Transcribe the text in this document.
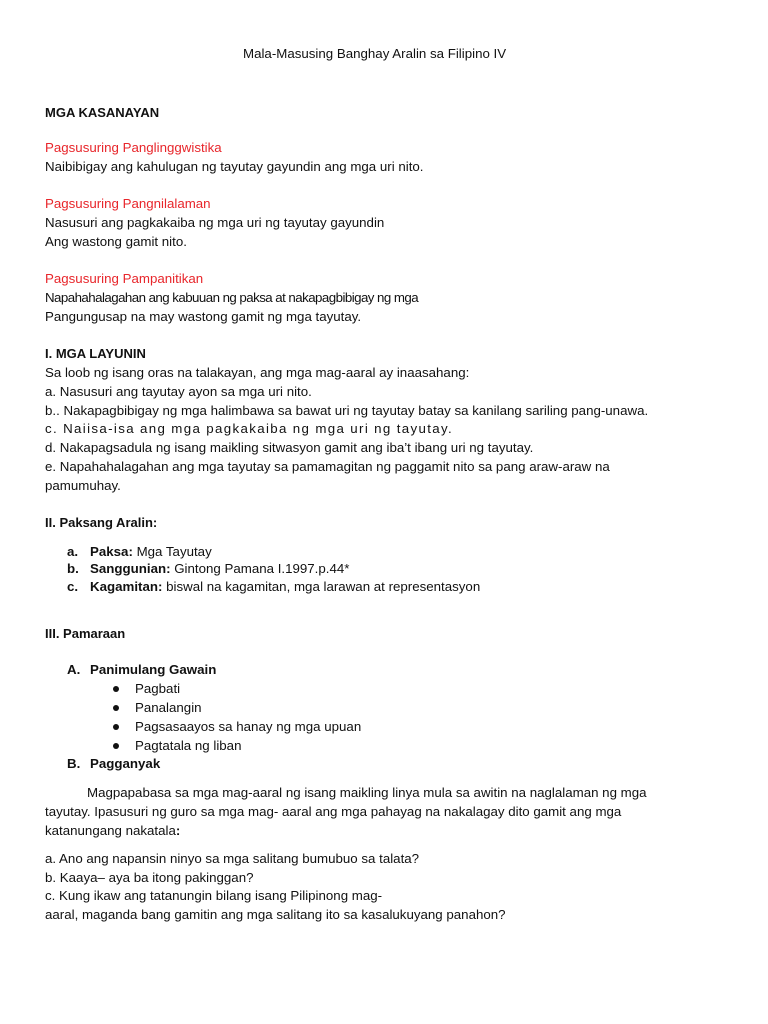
Mala-Masusing Banghay Aralin sa Filipino IV
MGA KASANAYAN
Pagsusuring Panglinggwistika
Naibibigay ang kahulugan ng tayutay gayundin ang mga uri nito.
Pagsusuring Pangnilalaman
Nasusuri ang pagkakaiba ng mga uri ng tayutay gayundin
Ang wastong gamit nito.
Pagsusuring Pampanitikan
Napahahalagahan ang kabuuan ng paksa at nakapagbibigay ng mga
Pangungusap na may wastong gamit ng mga tayutay.
I. MGA LAYUNIN
Sa loob ng isang oras na talakayan, ang mga mag-aaral ay inaasahang:
a. Nasusuri ang tayutay ayon sa mga uri nito.
b.. Nakapagbibigay ng mga halimbawa sa bawat uri ng tayutay batay sa kanilang sariling pang-unawa.
c. Naiisa-isa ang mga pagkakaiba ng mga uri ng tayutay.
d. Nakapagsadula ng isang maikling sitwasyon gamit ang iba’t ibang uri ng tayutay.
e. Napahahalagahan ang mga tayutay sa pamamagitan ng paggamit nito sa pang araw-araw na
pamumuhay.
II. Paksang Aralin:
a. Paksa: Mga Tayutay
b. Sanggunian: Gintong Pamana I.1997.p.44*
c. Kagamitan: biswal na kagamitan, mga larawan at representasyon
III. Pamaraan
A. Panimulang Gawain
Pagbati
Panalangin
Pagsasaayos sa hanay ng mga upuan
Pagtatala ng liban
B. Pagganyak
Magpapabasa sa mga mag-aaral ng isang maikling linya mula sa awitin na naglalaman ng mga
tayutay. Ipasusuri ng guro sa mga mag- aaral ang mga pahayag na nakalagay dito gamit ang mga
katanungang nakatala:
a. Ano ang napansin ninyo sa mga salitang bumubuo sa talata?
b. Kaaya– aya ba itong pakinggan?
c. Kung ikaw ang tatanungin bilang isang Pilipinong mag-
aaral, maganda bang gamitin ang mga salitang ito sa kasalukuyang panahon?
